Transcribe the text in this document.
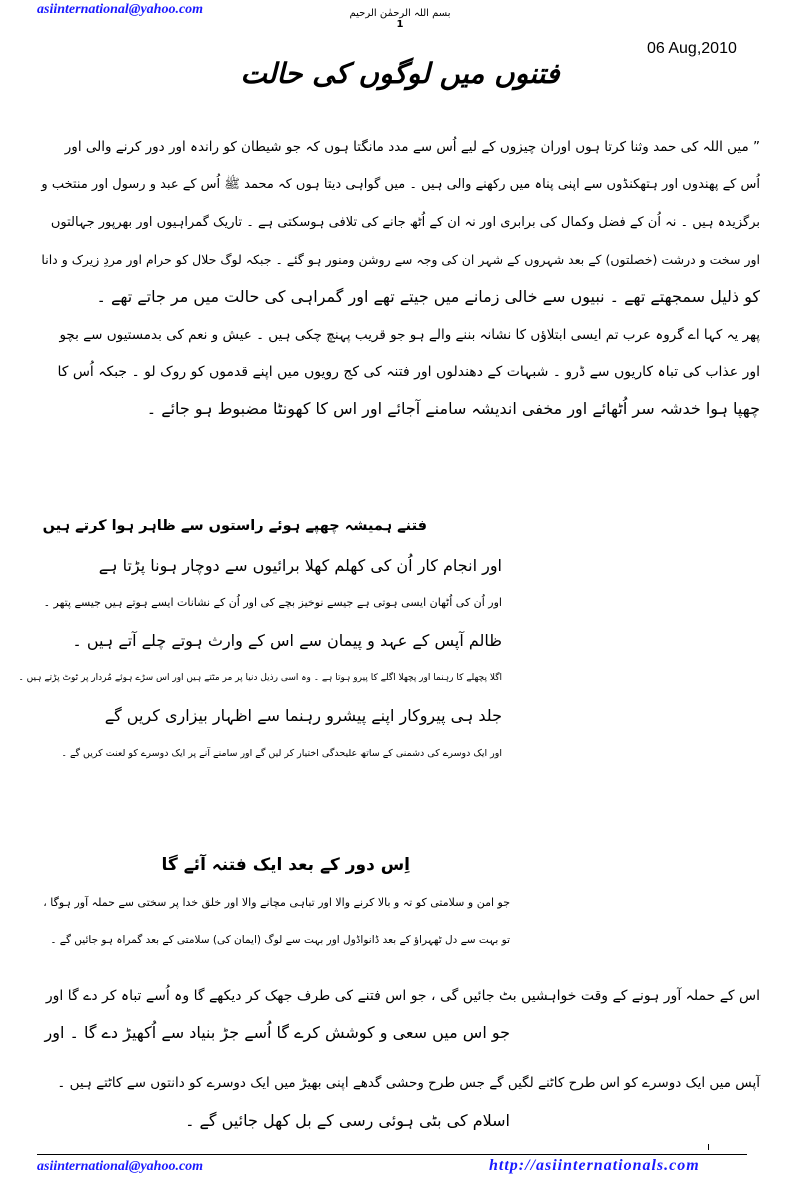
asiinternational@yahoo.com	بسم اللہ الرحمٰن الرحیم
1
06 Aug,2010
فتنوں میں لوگوں کی حالت
” میں اللہ کی حمد وثنا کرتا ہوں اوران چیزوں کے لیے اُس سے مدد مانگتا ہوں کہ جو شیطان کو راندہ اور دور کرنے والی اور
اُس کے پھندوں اور ہتھکنڈوں سے اپنی پناہ میں رکھنے والی ہیں ۔ میں گواہی دیتا ہوں کہ محمد ﷺ اُس کے عبد و رسول اور منتخب و
برگزیدہ ہیں ۔ نہ اُن کے فضل وکمال کی برابری اور نہ ان کے اُٹھ جانے کی تلافی ہوسکتی ہے ۔ تاریک گمراہیوں اور بھرپور جہالتوں
اور سخت و درشت (خصلتوں) کے بعد شہروں کے شہر ان کی وجہ سے روشن ومنور ہو گئے ۔ جبکہ لوگ حلال کو حرام اور مردِ زیرک و دانا
کو ذلیل سمجھتے تھے ۔ نبیوں سے خالی زمانے میں جیتے تھے اور گمراہی کی حالت میں مر جاتے تھے ۔
پھر یہ کہا اے گروہ عرب تم ایسی ابتلاؤں کا نشانہ بننے والے ہو جو قریب پہنچ چکی ہیں ۔ عیش و نعم کی بدمستیوں سے بچو
اور عذاب کی تباہ کاریوں سے ڈرو ۔ شبہات کے دھندلوں اور فتنہ کی کج رویوں میں اپنے قدموں کو روک لو ۔ جبکہ اُس کا
چھپا ہوا خدشہ سر اُٹھائے اور مخفی اندیشہ سامنے آجائے اور اس کا کھونٹا مضبوط ہو جائے ۔
فتنے ہمیشہ چھپے ہوئے راستوں سے ظاہر ہوا کرتے ہیں
اور انجام کار اُن کی کھلم کھلا برائیوں سے دوچار ہونا پڑتا ہے
اور اُن کی اُٹھان ایسی ہوتی ہے جیسے نوخیز بچے کی اور اُن کے نشانات ایسے ہوتے ہیں جیسے پتھر ۔
ظالم آپس کے عہد و پیمان سے اس کے وارث ہوتے چلے آتے ہیں ۔
اگلا پچھلے کا رہنما اور پچھلا اگلے کا پیرو ہوتا ہے ۔ وہ اسی رذیل دنیا پر مر مٹتے ہیں اور اس سڑے ہوئے مُردار پر ٹوٹ پڑتے ہیں ۔
جلد ہی پیروکار اپنے پیشرو رہنما سے اظہار بیزاری کریں گے
اور ایک دوسرے کی دشمنی کے ساتھ علیحدگی اختیار کر لیں گے اور سامنے آنے پر ایک دوسرے کو لعنت کریں گے ۔
اِس دور کے بعد ایک فتنہ آئے گا
جو امن و سلامتی کو تہ و بالا کرنے والا اور تباہی مچانے والا اور خلق خدا پر سختی سے حملہ آور ہوگا ،
تو بہت سے دل ٹھہراؤ کے بعد ڈانواڈول اور بہت سے لوگ (ایمان کی) سلامتی کے بعد گمراہ ہو جائیں گے ۔
اس کے حملہ آور ہونے کے وقت خواہشیں بٹ جائیں گی ، جو اس فتنے کی طرف جھک کر دیکھے گا وہ اُسے تباہ کر دے گا اور
جو اس میں سعی و کوشش کرے گا اُسے جڑ بنیاد سے اُکھیڑ دے گا ۔ اور
آپس میں ایک دوسرے کو اس طرح کاٹنے لگیں گے جس طرح وحشی گدھے اپنی بھیڑ میں ایک دوسرے کو دانتوں سے کاٹتے ہیں ۔
اسلام کی بٹی ہوئی رسی کے بل کھل جائیں گے ۔
asiinternational@yahoo.com	http://asiinternationals.com
